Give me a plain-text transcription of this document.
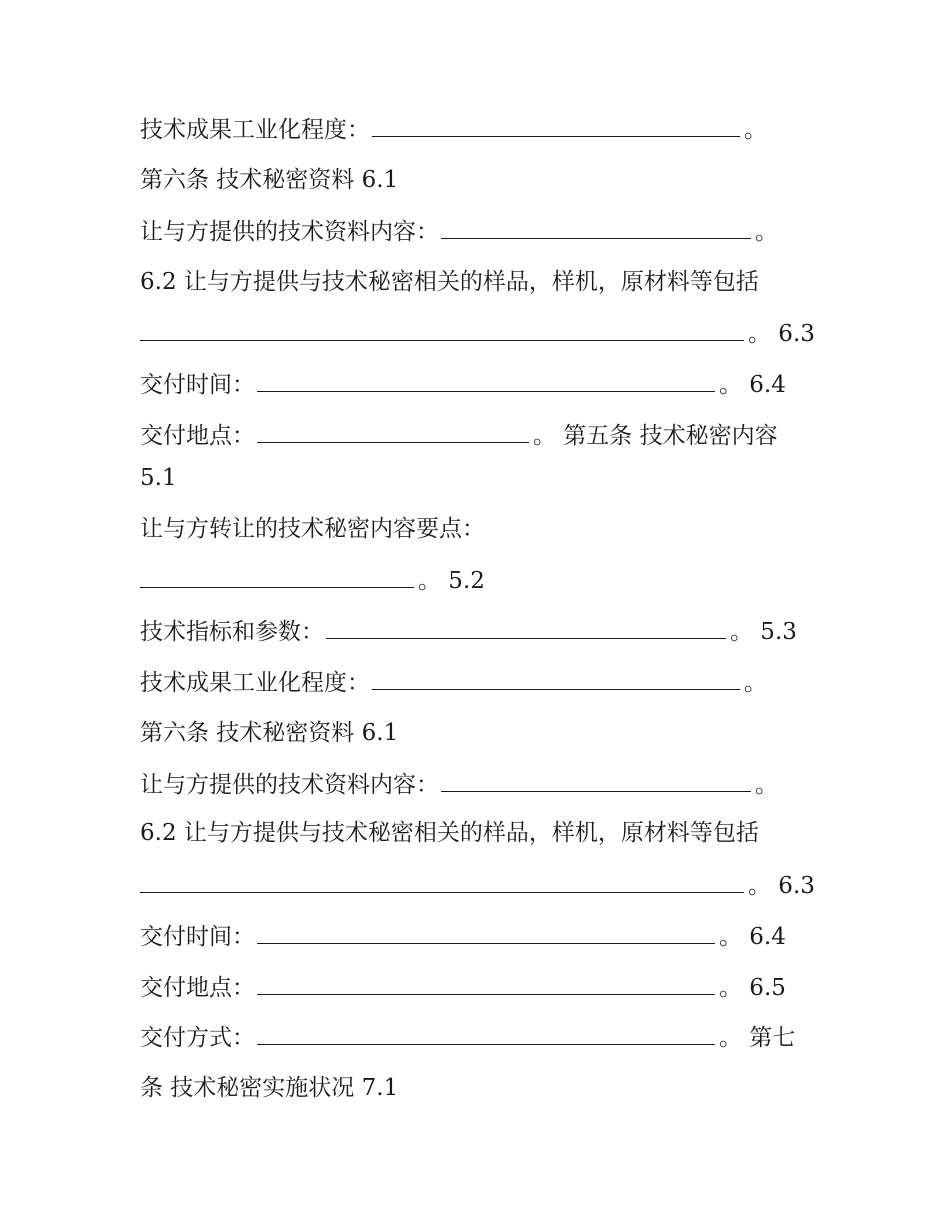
技术成果工业化程度：	。
第六条 技术秘密资料 6.1
让与方提供的技术资料内容：	。
6.2 让与方提供与技术秘密相关的样品，样机，原材料等包括
。 6.3
交付时间：	。 6.4
交付地点：	。 第五条 技术秘密内容
5.1
让与方转让的技术秘密内容要点：
。 5.2
技术指标和参数：	。 5.3
技术成果工业化程度：	。
第六条 技术秘密资料 6.1
让与方提供的技术资料内容：	。
6.2 让与方提供与技术秘密相关的样品，样机，原材料等包括
。 6.3
交付时间：	。 6.4
交付地点：	。 6.5
交付方式：	。 第七
条 技术秘密实施状况 7.1
